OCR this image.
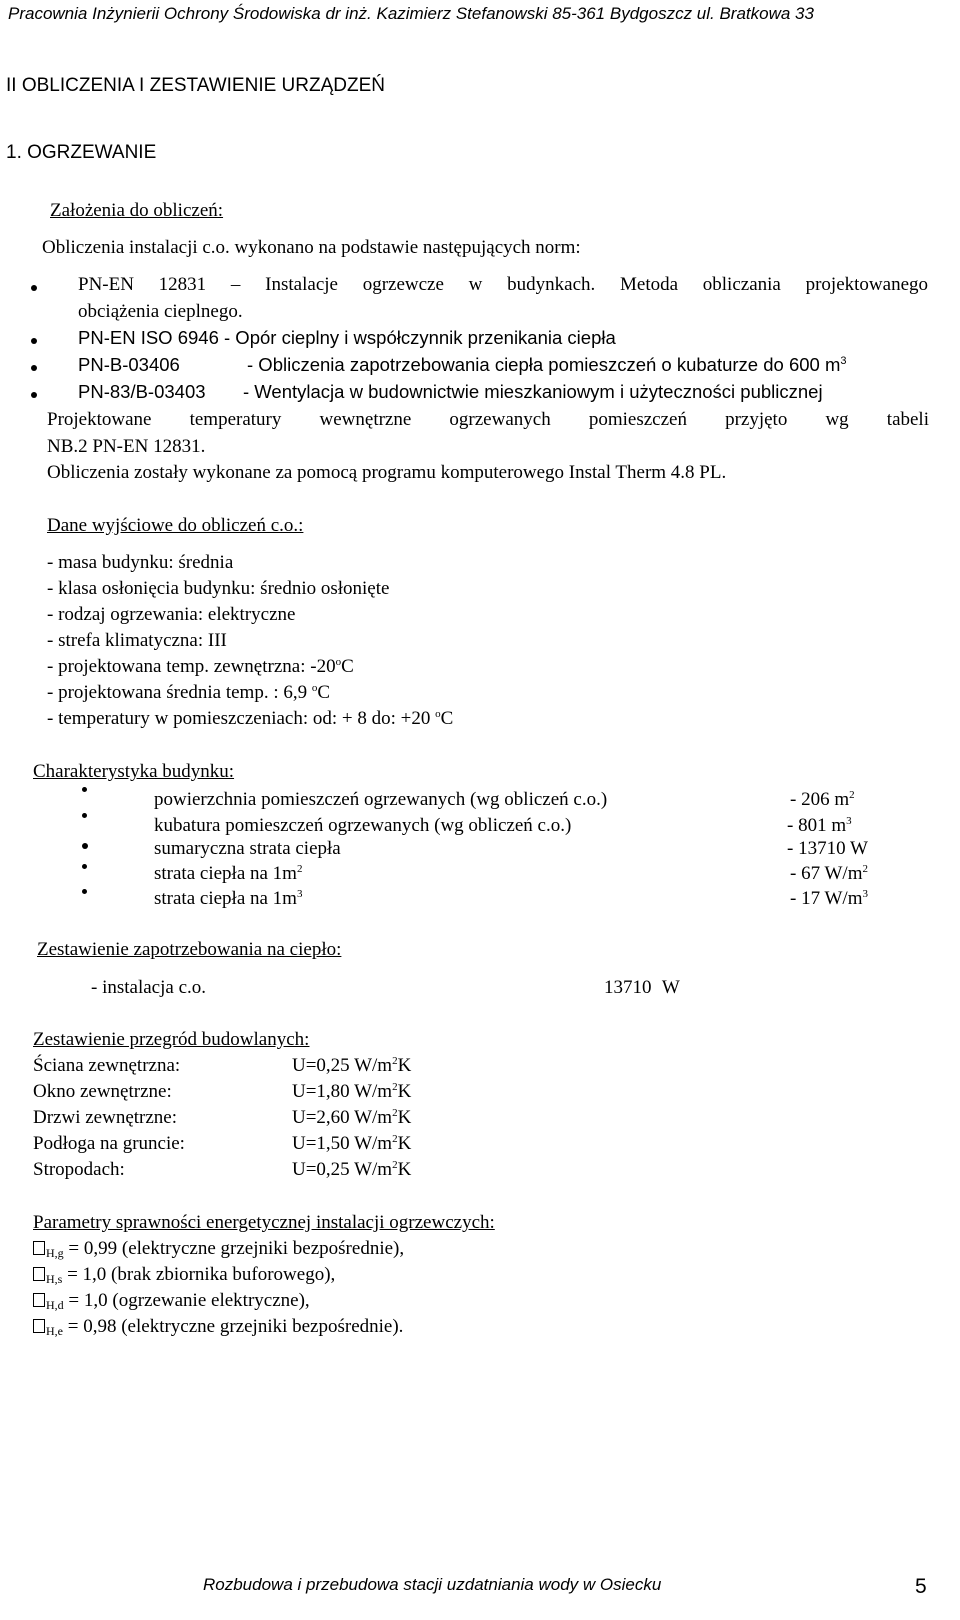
Pracownia Inżynierii Ochrony Środowiska dr inż. Kazimierz Stefanowski 85-361 Bydgoszcz ul. Bratkowa 33
II OBLICZENIA I ZESTAWIENIE URZĄDZEŃ
1. OGRZEWANIE
Założenia do obliczeń:
Obliczenia instalacji c.o. wykonano na podstawie następujących norm:
PN-EN 12831 – Instalacje ogrzewcze w budynkach. Metoda obliczania projektowanego
obciążenia cieplnego.
PN-EN ISO 6946 - Opór cieplny i współczynnik przenikania ciepła
PN-B-03406	- Obliczenia zapotrzebowania ciepła pomieszczeń o kubaturze do 600 $m^3$
PN-83/B-03403 - Wentylacja w budownictwie mieszkaniowym i użyteczności publicznej
Projektowane temperatury wewnętrzne ogrzewanych pomieszczeń przyjęto wg tabeli
NB.2 PN-EN 12831.
Obliczenia zostały wykonane za pomocą programu komputerowego Instal Therm 4.8 PL.
Dane wyjściowe do obliczeń c.o.:
- masa budynku: średnia
- klasa osłonięcia budynku: średnio osłonięte
- rodzaj ogrzewania: elektryczne
- strefa klimatyczna: III
- projektowana temp. zewnętrzna: -20$^o$C
- projektowana średnia temp. : 6,9 $^o$C
- temperatury w pomieszczeniach: od: + 8 do: +20 $^o$C
Charakterystyka budynku:
powierzchnia pomieszczeń ogrzewanych (wg obliczeń c.o.)	- 206 $m^2$
kubatura pomieszczeń ogrzewanych (wg obliczeń c.o.)	- 801 $m^3$
sumaryczna strata ciepła	- 13710 W
strata ciepła na $1m^2$	- 67 $W/m^2$
strata ciepła na $1m^3$	- 17 $W/m^3$
Zestawienie zapotrzebowania na ciepło:
- instalacja c.o.	13710 W
Zestawienie przegród budowlanych:
Ściana zewnętrzna:	U=0,25 $W/m^2K$
Okno zewnętrzne:	U=1,80 $W/m^2K$
Drzwi zewnętrzne:	U=2,60 $W/m^2K$
Podłoga na gruncie:	U=1,50 $W/m^2K$
Stropodach:	U=0,25 $W/m^2K$
Parametry sprawności energetycznej instalacji ogrzewczych:
$_{H,g}$ = 0,99 (elektryczne grzejniki bezpośrednie),
$_{H,s}$ = 1,0 (brak zbiornika buforowego),
$_{H,d}$ = 1,0 (ogrzewanie elektryczne),
$_{H,e}$ = 0,98 (elektryczne grzejniki bezpośrednie).
Rozbudowa i przebudowa stacji uzdatniania wody w Osiecku	5
